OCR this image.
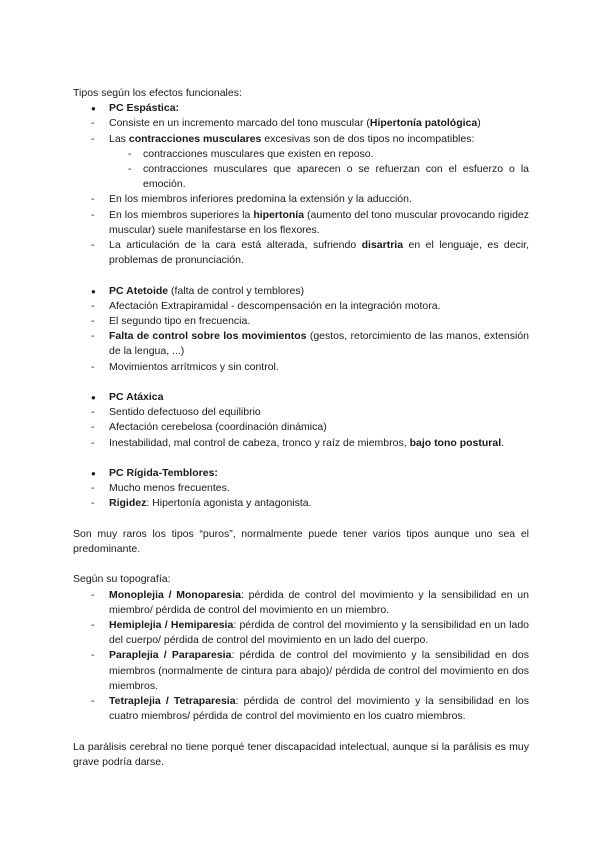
Tipos según los efectos funcionales:

● PC Espástica:
- Consiste en un incremento marcado del tono muscular (Hipertonía patológica)
- Las contracciones musculares excesivas son de dos tipos no incompatibles:
- contracciones musculares que existen en reposo.
- contracciones musculares que aparecen o se refuerzan con el esfuerzo o la emoción.
- En los miembros inferiores predomina la extensión y la aducción.
- En los miembros superiores la hipertonía (aumento del tono muscular provocando rigidez muscular) suele manifestarse en los flexores.
- La articulación de la cara está alterada, sufriendo disartria en el lenguaje, es decir, problemas de pronunciación.
● PC Atetoide (falta de control y temblores)
- Afectación Extrapiramidal - descompensación en la integración motora.
- El segundo tipo en frecuencia.
- Falta de control sobre los movimientos (gestos, retorcimiento de las manos, extensión de la lengua, ...)
- Movimientos arrítmicos y sin control.
● PC Atáxica
- Sentido defectuoso del equilibrio
- Afectación cerebelosa (coordinación dinámica)
- Inestabilidad, mal control de cabeza, tronco y raíz de miembros, bajo tono postural.
● PC Rígida-Temblores:
- Mucho menos frecuentes.
- Rigidez: Hipertonía agonista y antagonista.

Son muy raros los tipos “puros”, normalmente puede tener varios tipos aunque uno sea el predominante.

Según su topografía:

- Monoplejia / Monoparesia: pérdida de control del movimiento y la sensibilidad en un miembro/ pérdida de control del movimiento en un miembro.
- Hemiplejia / Hemiparesia: pérdida de control del movimiento y la sensibilidad en un lado del cuerpo/ pérdida de control del movimiento en un lado del cuerpo.
- Paraplejia / Paraparesia: pérdida de control del movimiento y la sensibilidad en dos miembros (normalmente de cintura para abajo)/ pérdida de control del movimiento en dos miembros.
- Tetraplejia / Tetraparesia: pérdida de control del movimiento y la sensibilidad en los cuatro miembros/ pérdida de control del movimiento en los cuatro miembros.

La parálisis cerebral no tiene porqué tener discapacidad intelectual, aunque si la parálisis es muy grave podría darse.
